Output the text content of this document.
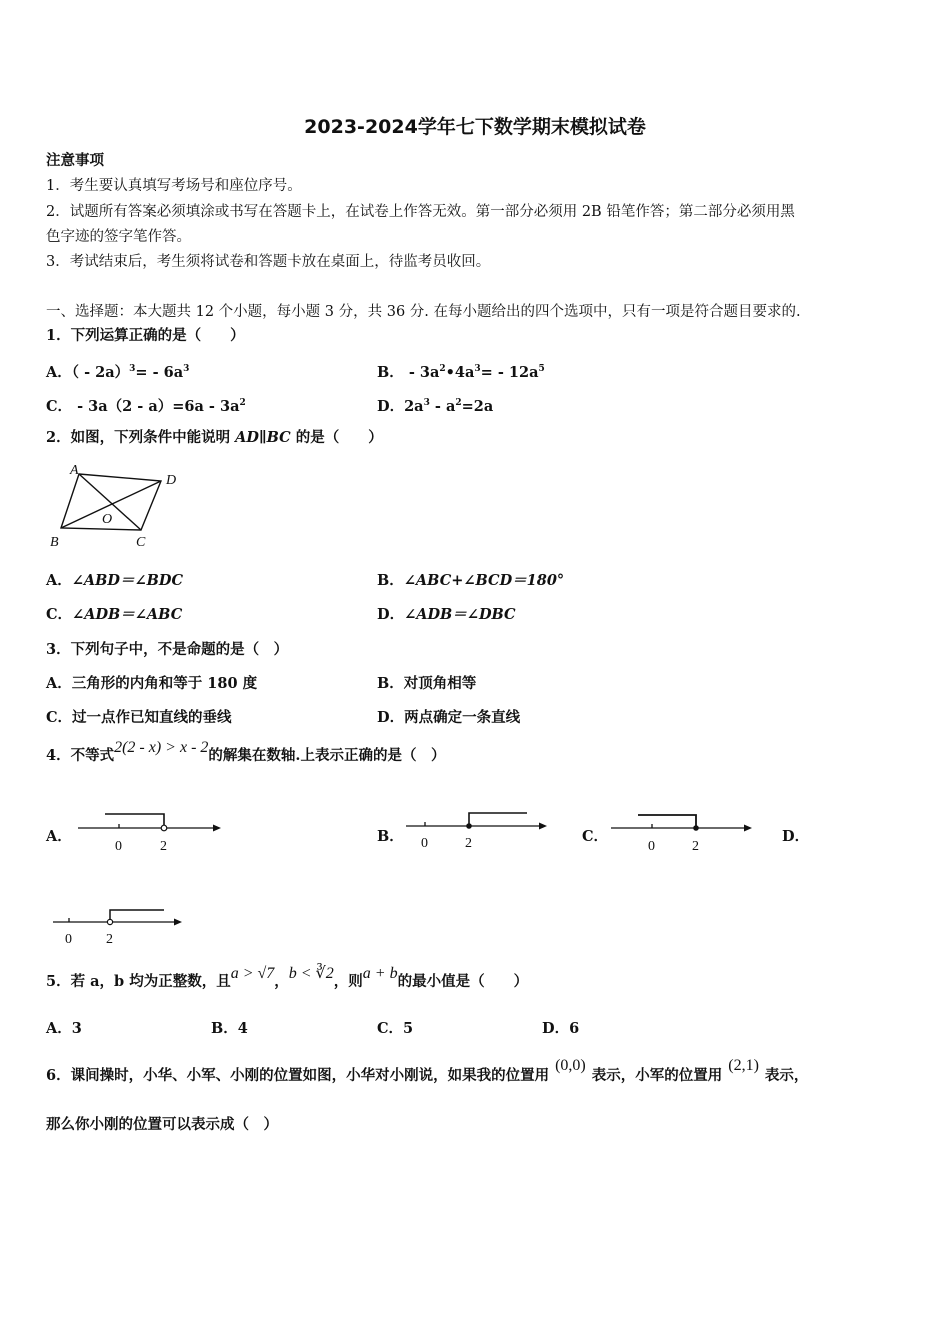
2023-2024学年七下数学期末模拟试卷
注意事项
1．考生要认真填写考场号和座位序号。
2．试题所有答案必须填涂或书写在答题卡上，在试卷上作答无效。第一部分必须用 2B 铅笔作答；第二部分必须用黑
色字迹的签字笔作答。
3．考试结束后，考生须将试卷和答题卡放在桌面上，待监考员收回。
一、选择题：本大题共 12 个小题，每小题 3 分，共 36 分. 在每小题给出的四个选项中，只有一项是符合题目要求的.
1．下列运算正确的是（　　）
A．（ - $2a)^3= - 6a^3$	B． - $3a^2•4a^3= - 12a^5$
C． - $3a(2 - a)=6a - 3a^2$	D．$2a^3 - a^2=2a$
2．如图，下列条件中能说明 AD∥BC 的是（　　）
A
D
O
B	C
A．∠ABD＝∠BDC	B．∠ABC+∠BCD＝180°
C．∠ADB＝∠ABC	D．∠ADB＝∠DBC
3．下列句子中，不是命题的是（　）
A．三角形的内角和等于 180 度	B．对顶角相等
C．过一点作已知直线的垂线	D．两点确定一条直线
4．不等式2(2 - x) > x - 2的解集在数轴.上表示正确的是（　）
A．
0	2
B． 0	2	C．
0	2
D．
0 2
5．若 a，b 均为正整数，且a > √7，b < ∛2，则a + b的最小值是（　　）
A．3	B．4	C．5	D．6
6．课间操时，小华、小军、小刚的位置如图，小华对小刚说，如果我的位置用(0,0)表示，小军的位置用(2,1)表示，
那么你小刚的位置可以表示成（　）
